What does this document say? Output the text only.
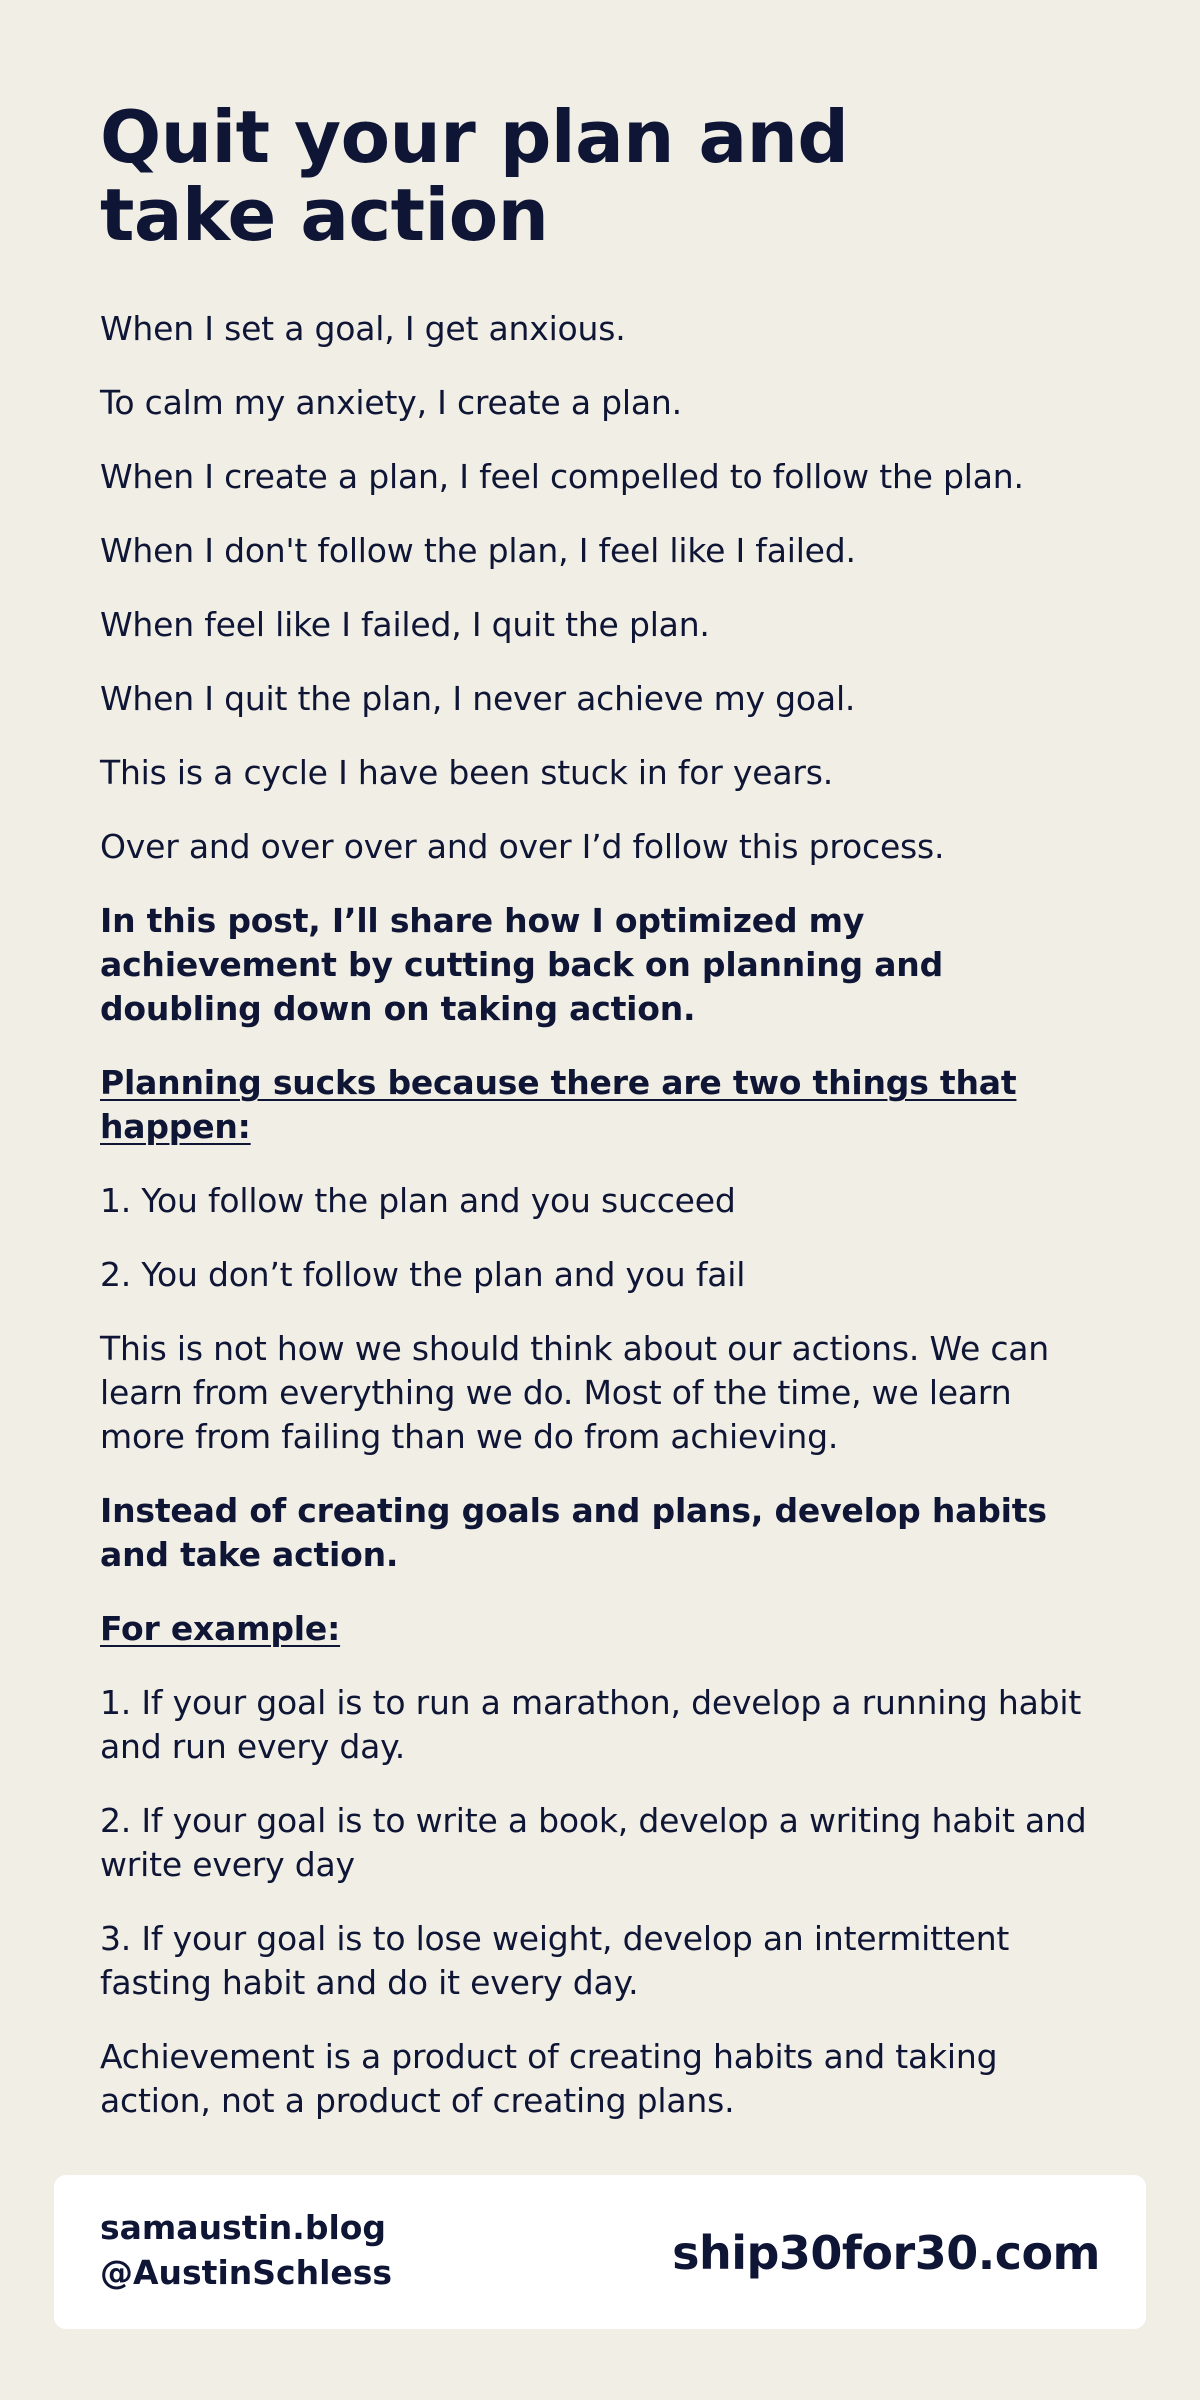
Quit your plan and take action

When I set a goal, I get anxious.

To calm my anxiety, I create a plan.

When I create a plan, I feel compelled to follow the plan.

When I don't follow the plan, I feel like I failed.

When feel like I failed, I quit the plan.

When I quit the plan, I never achieve my goal.

This is a cycle I have been stuck in for years.

Over and over over and over I’d follow this process.

In this post, I’ll share how I optimized my achievement by cutting back on planning and doubling down on taking action.

Planning sucks because there are two things that happen:

1. You follow the plan and you succeed

2. You don’t follow the plan and you fail

This is not how we should think about our actions. We can learn from everything we do. Most of the time, we learn more from failing than we do from achieving.

Instead of creating goals and plans, develop habits and take action.

For example:

1. If your goal is to run a marathon, develop a running habit and run every day.

2. If your goal is to write a book, develop a writing habit and write every day

3. If your goal is to lose weight, develop an intermittent fasting habit and do it every day.

Achievement is a product of creating habits and taking action, not a product of creating plans.

samaustin.blog
@AustinSchless	ship30for30.com
